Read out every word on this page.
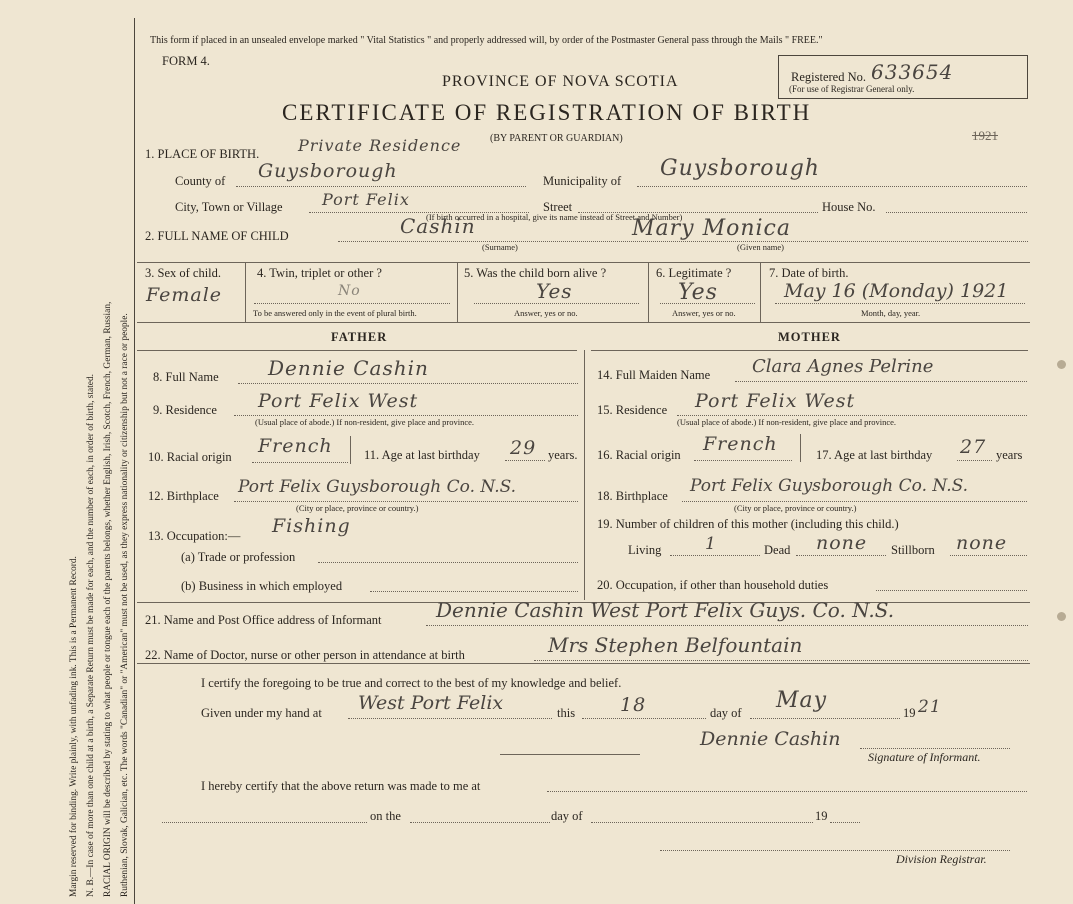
Margin reserved for binding. Write plainly, with unfading ink. This is a Permanent Record. N. B.—In case of more than one child at a birth, a Separate Return must be made for each, and the number of each, in order of birth, stated. RACIAL ORIGIN will be described by stating to what people or tongue each of the parents belongs, whether English, Irish, Scotch, French, German, Russian, Ruthenian, Slovak, Galician, etc. The words "Canadian" or "American" must not be used, as they express nationality or citizenship but not a race or people.
This form if placed in an unsealed envelope marked " Vital Statistics " and properly addressed will, by order of the Postmaster General pass through the Mails " FREE."
FORM 4.
PROVINCE OF NOVA SCOTIA
CERTIFICATE OF REGISTRATION OF BIRTH
(BY PARENT OR GUARDIAN)
Registered No. 633654
(For use of Registrar General only.
1921
1. PLACE OF BIRTH. Private Residence
County of Guysborough	Municipality of Guysborough
City, Town or Village Port Felix	Street	House No.
(If birth occurred in a hospital, give its name instead of Street and Number)
2. FULL NAME OF CHILD	Cashin	Mary Monica
(Surname)	(Given name)
3. Sex of child.
Female
4. Twin, triplet or other ?
No
To be answered only in the event of plural birth.
5. Was the child born alive ?
Yes
Answer, yes or no.
6. Legitimate ?
Yes
Answer, yes or no.
7. Date of birth.
May 16 (Monday) 1921
Month, day, year.
FATHER
8. Full Name Dennie Cashin
9. Residence Port Felix West
(Usual place of abode.) If non-resident, give place and province.
10. Racial origin French	11. Age at last birthday 29 years.
12. Birthplace Port Felix Guysborough Co. N.S.
(City or place, province or country.)
13. Occupation:— Fishing
(a) Trade or profession
(b) Business in which employed
MOTHER
14. Full Maiden Name Clara Agnes Pelrine
15. Residence Port Felix West
(Usual place of abode.) If non-resident, give place and province.
16. Racial origin French	17. Age at last birthday 27 years
18. Birthplace Port Felix Guysborough Co. N.S.
(City or place, province or country.)
19. Number of children of this mother (including this child.)
Living	1	Dead none Stillborn none
20. Occupation, if other than household duties
21. Name and Post Office address of Informant	Dennie Cashin West Port Felix Guys. Co. N.S.
22. Name of Doctor, nurse or other person in attendance at birth	Mrs Stephen Belfountain
I certify the foregoing to be true and correct to the best of my knowledge and belief.
Given under my hand at West Port Felix	this 18	day of May	19 21
Dennie Cashin
Signature of Informant.
I hereby certify that the above return was made to me at
on the	day of	19
Division Registrar.
